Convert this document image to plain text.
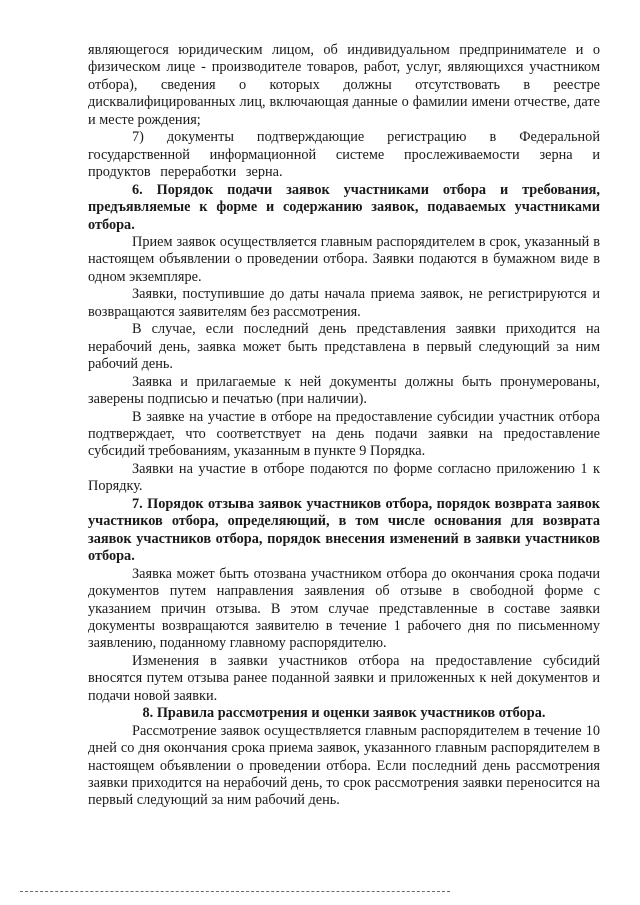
являющегося юридическим лицом, об индивидуальном предпринимателе и о физическом лице - производителе товаров, работ, услуг, являющихся участником отбора), сведения о которых должны отсутствовать в реестре дисквалифицированных лиц, включающая данные о фамилии имени отчестве, дате и месте рождения;

7) документы подтверждающие регистрацию в Федеральной государственной информационной системе прослеживаемости зерна и продуктов переработки зерна.

6. Порядок подачи заявок участниками отбора и требования, предъявляемые к форме и содержанию заявок, подаваемых участниками отбора.

Прием заявок осуществляется главным распорядителем в срок, указанный в настоящем объявлении о проведении отбора. Заявки подаются в бумажном виде в одном экземпляре.

Заявки, поступившие до даты начала приема заявок, не регистрируются и возвращаются заявителям без рассмотрения.

В случае, если последний день представления заявки приходится на нерабочий день, заявка может быть представлена в первый следующий за ним рабочий день.

Заявка и прилагаемые к ней документы должны быть пронумерованы, заверены подписью и печатью (при наличии).

В заявке на участие в отборе на предоставление субсидии участник отбора подтверждает, что соответствует на день подачи заявки на предоставление субсидий требованиям, указанным в пункте 9 Порядка.

Заявки на участие в отборе подаются по форме согласно приложению 1 к Порядку.

7. Порядок отзыва заявок участников отбора, порядок возврата заявок участников отбора, определяющий, в том числе основания для возврата заявок участников отбора, порядок внесения изменений в заявки участников отбора.

Заявка может быть отозвана участником отбора до окончания срока подачи документов путем направления заявления об отзыве в свободной форме с указанием причин отзыва. В этом случае представленные в составе заявки документы возвращаются заявителю в течение 1 рабочего дня по письменному заявлению, поданному главному распорядителю.

Изменения в заявки участников отбора на предоставление субсидий вносятся путем отзыва ранее поданной заявки и приложенных к ней документов и подачи новой заявки.

8. Правила рассмотрения и оценки заявок участников отбора.

Рассмотрение заявок осуществляется главным распорядителем в течение 10 дней со дня окончания срока приема заявок, указанного главным распорядителем в настоящем объявлении о проведении отбора. Если последний день рассмотрения заявки приходится на нерабочий день, то срок рассмотрения заявки переносится на первый следующий за ним рабочий день.
